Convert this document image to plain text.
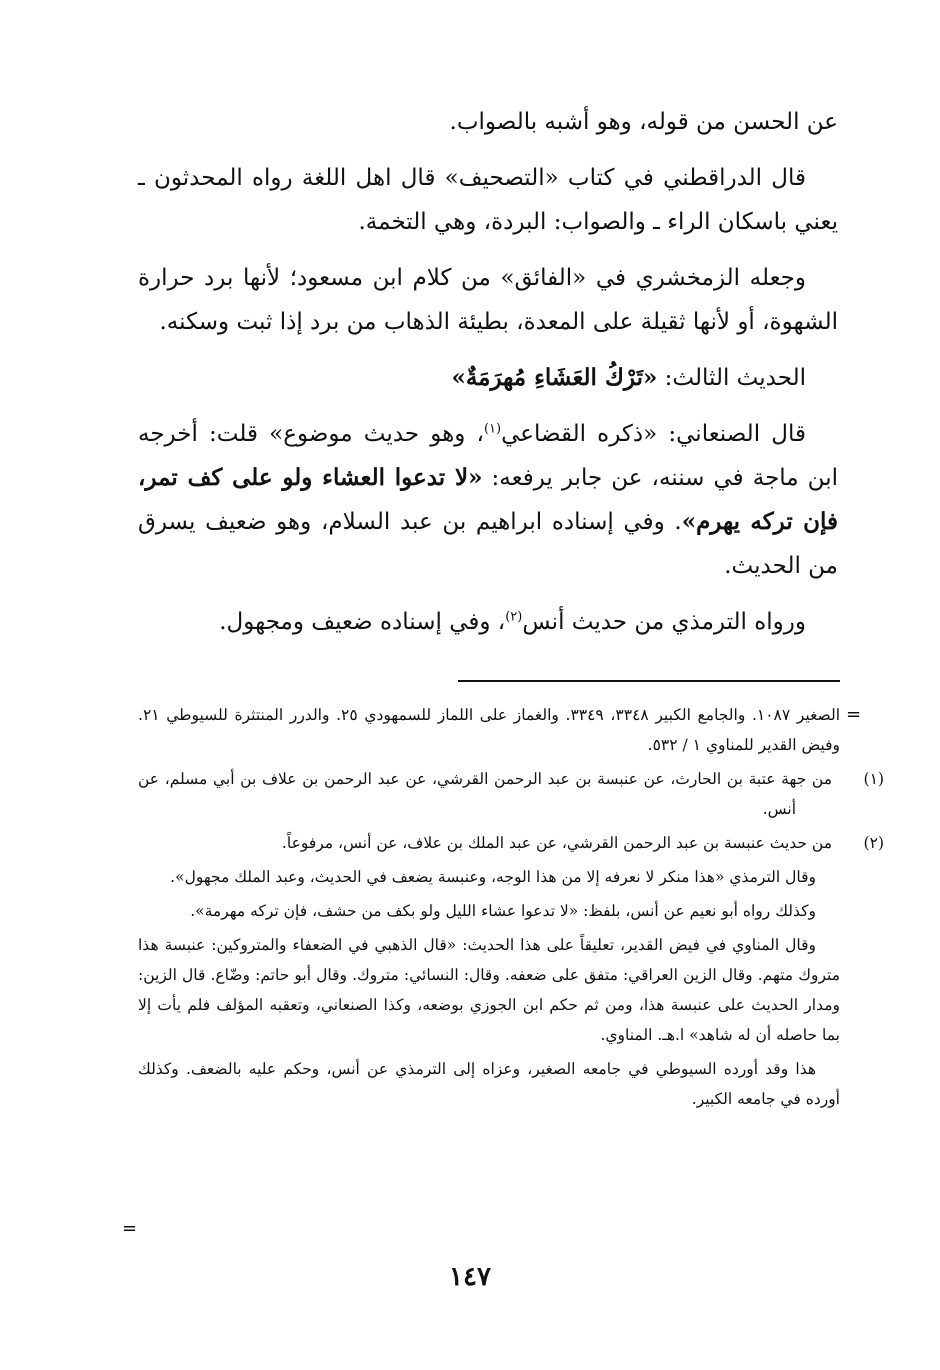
عن الحسن من قوله، وهو أشبه بالصواب.

قال الدراقطني في كتاب «التصحيف» قال اهل اللغة رواه المحدثون ـ يعني باسكان الراء ـ والصواب: البردة، وهي التخمة.

وجعله الزمخشري في «الفائق» من كلام ابن مسعود؛ لأنها برد حرارة الشهوة، أو لأنها ثقيلة على المعدة، بطيئة الذهاب من برد إذا ثبت وسكنه.

الحديث الثالث: «تَرْكُ العَشَاءِ مُهرَمَةٌ»

قال الصنعاني: «ذكره القضاعي$^{(١)}$، وهو حديث موضوع» قلت: أخرجه ابن ماجة في سننه، عن جابر يرفعه: «لا تدعوا العشاء ولو على كف تمر، فإن تركه يهرم». وفي إسناده ابراهيم بن عبد السلام، وهو ضعيف يسرق من الحديث.

ورواه الترمذي من حديث أنس$^{(٢)}$، وفي إسناده ضعيف ومجهول.

=

الصغير ١٠٨٧. والجامع الكبير ٣٣٤٨، ٣٣٤٩. والغماز على اللماز للسمهودي ٢٥. والدرر المنتثرة للسيوطي ٢١. وفيض القدير للمناوي ١ / ٥٣٢.

(١)من جهة عتبة بن الحارث، عن عنبسة بن عبد الرحمن القرشي، عن عبد الرحمن بن علاف بن أبي مسلم، عن أنس.

(٢)من حديث عنبسة بن عبد الرحمن القرشي، عن عبد الملك بن علاف، عن أنس، مرفوعاً.

وقال الترمذي «هذا منكر لا نعرفه إلا من هذا الوجه، وعنبسة يضعف في الحديث، وعبد الملك مجهول».

وكذلك رواه أبو نعيم عن أنس، بلفظ: «لا تدعوا عشاء الليل ولو بكف من حشف، فإن تركه مهرمة».

وقال المناوي في فيض القدير، تعليقاً على هذا الحديث: «قال الذهبي في الضعفاء والمتروكين: عنبسة هذا متروك متهم. وقال الزين العراقي: متفق على ضعفه. وقال: النسائي: متروك. وقال أبو حاتم: وضّاع. قال الزين: ومدار الحديث على عنبسة هذا، ومن ثم حكم ابن الجوزي بوضعه، وكذا الصنعاني، وتعقبه المؤلف فلم يأت إلا بما حاصله أن له شاهد» ا.هـ. المناوي.

هذا وقد أورده السيوطي في جامعه الصغير، وعزاه إلى الترمذي عن أنس، وحكم عليه بالضعف. وكذلك أورده في جامعه الكبير.

=
١٤٧
